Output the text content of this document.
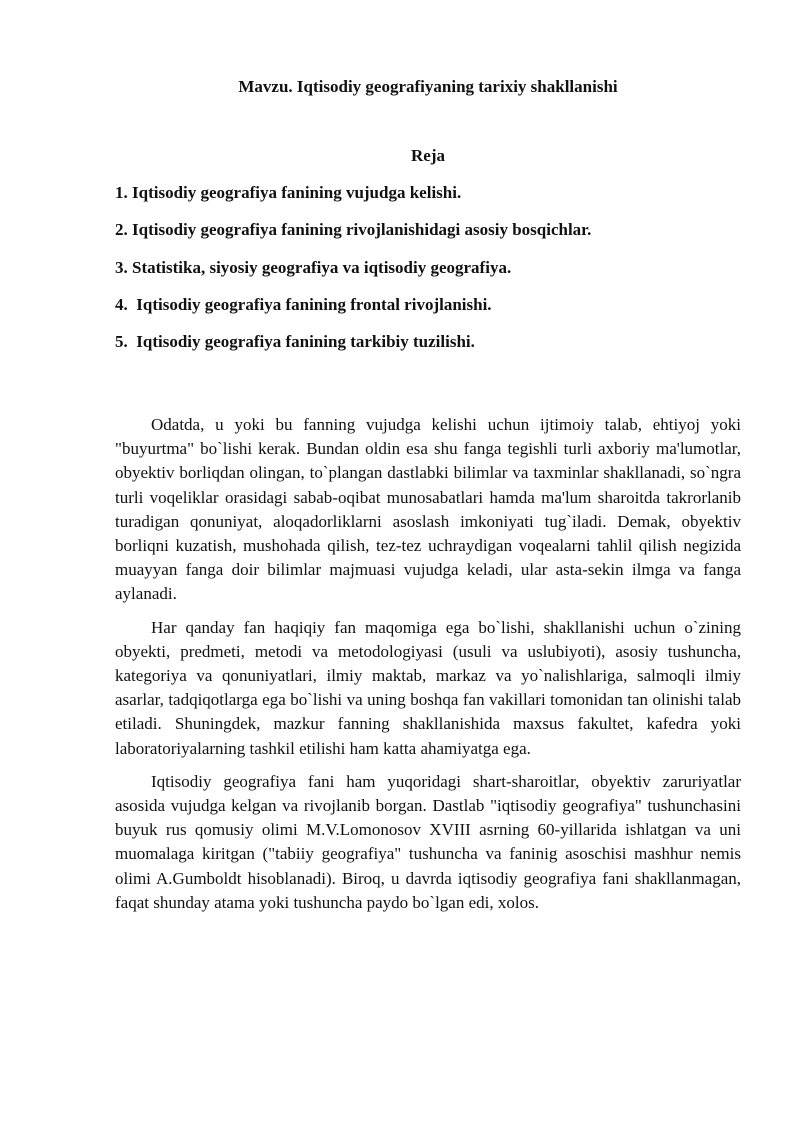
Mavzu. Iqtisodiy geografiyaning tarixiy shakllanishi
Reja
1. Iqtisodiy geografiya fanining vujudga kelishi.
2. Iqtisodiy geografiya fanining rivojlanishidagi asosiy bosqichlar.
3. Statistika, siyosiy geografiya va iqtisodiy geografiya.
4.  Iqtisodiy geografiya fanining frontal rivojlanishi.
5.  Iqtisodiy geografiya fanining tarkibiy tuzilishi.

Odatda, u yoki bu fanning vujudga kelishi uchun ijtimoiy talab, ehtiyoj yoki "buyurtma" bo`lishi kerak. Bundan oldin esa shu fanga tegishli turli axboriy ma'lumotlar, obyektiv borliqdan olingan, to`plangan dastlabki bilimlar va taxminlar shakllanadi, so`ngra turli voqeliklar orasidagi sabab-oqibat munosabatlari hamda ma'lum sharoitda takrorlanib turadigan qonuniyat, aloqadorliklarni asoslash imkoniyati tug`iladi. Demak, obyektiv borliqni kuzatish, mushohada qilish, tez-tez uchraydigan voqealarni tahlil qilish negizida muayyan fanga doir bilimlar majmuasi vujudga keladi, ular asta-sekin ilmga va fanga aylanadi.

Har qanday fan haqiqiy fan maqomiga ega bo`lishi, shakllanishi uchun o`zining obyekti, predmeti, metodi va metodologiyasi (usuli va uslubiyoti), asosiy tushuncha, kategoriya va qonuniyatlari, ilmiy maktab, markaz va yo`nalishlariga, salmoqli ilmiy asarlar, tadqiqotlarga ega bo`lishi va uning boshqa fan vakillari tomonidan tan olinishi talab etiladi. Shuningdek, mazkur fanning shakllanishida maxsus fakultet, kafedra yoki laboratoriyalarning tashkil etilishi ham katta ahamiyatga ega.

Iqtisodiy geografiya fani ham yuqoridagi shart-sharoitlar, obyektiv zaruriyatlar asosida vujudga kelgan va rivojlanib borgan. Dastlab "iqtisodiy geografiya" tushunchasini buyuk rus qomusiy olimi M.V.Lomonosov XVIII asrning 60-yillarida ishlatgan va uni muomalaga kiritgan ("tabiiy geografiya" tushuncha va faninig asoschisi mashhur nemis olimi A.Gumboldt hisoblanadi). Biroq, u davrda iqtisodiy geografiya fani shakllanmagan, faqat shunday atama yoki tushuncha paydo bo`lgan edi, xolos.
